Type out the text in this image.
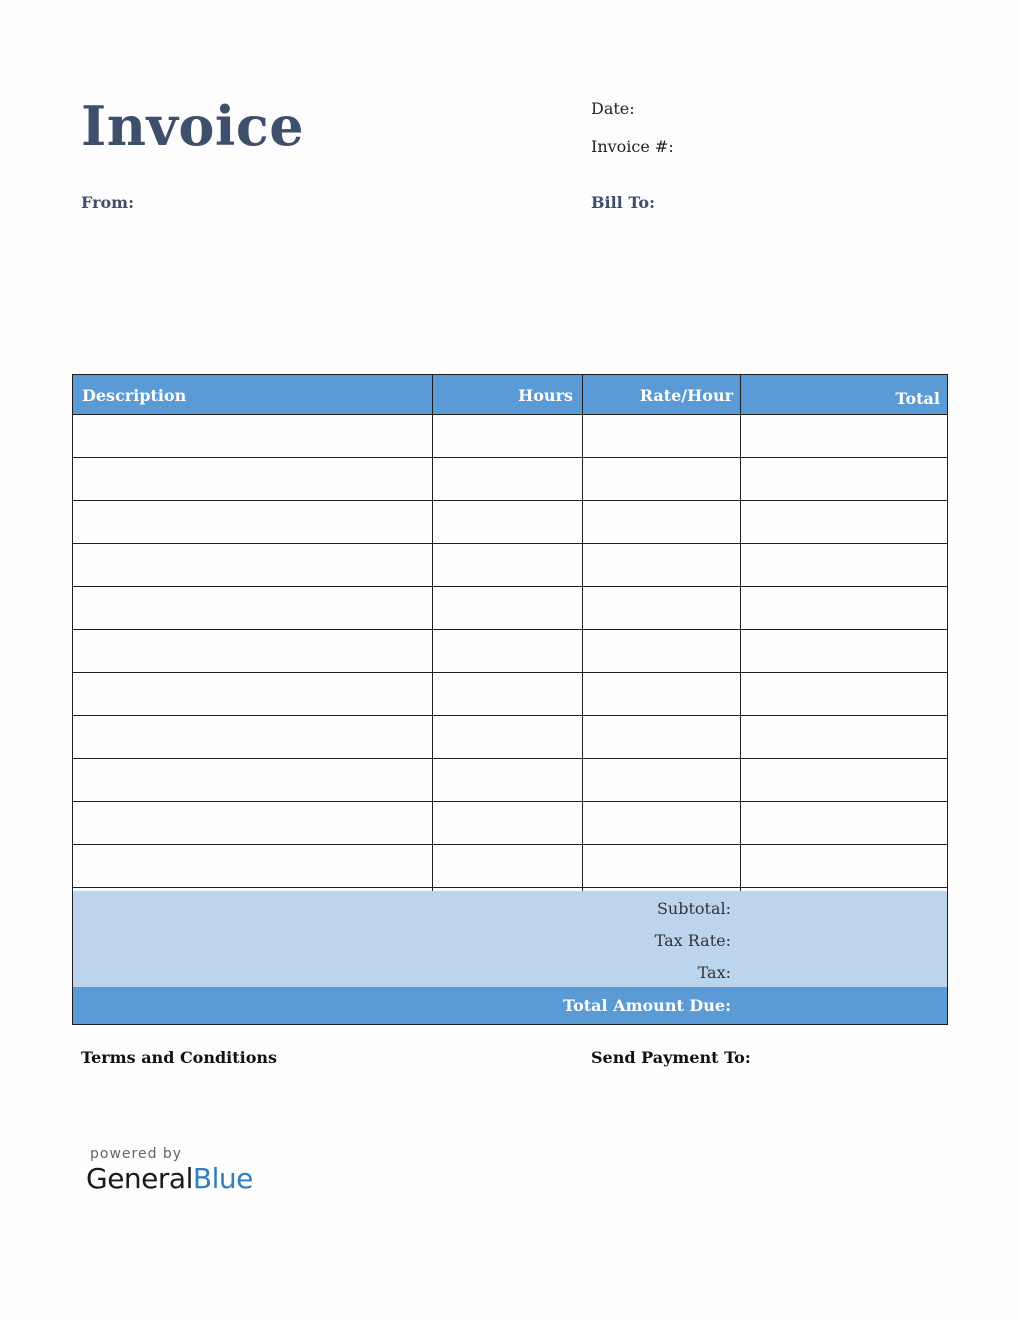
Invoice	Date:
Invoice #:
From:	Bill To:
Description	Hours	Rate/Hour	Total
Subtotal:
Tax Rate:
Tax:
Total Amount Due:
Terms and Conditions	Send Payment To:
powered by
GeneralBlue
